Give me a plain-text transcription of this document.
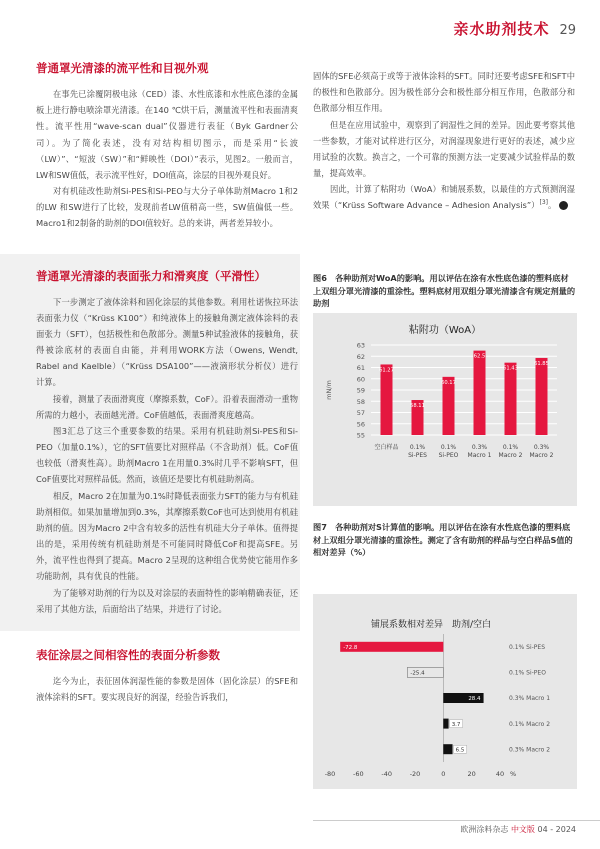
亲水助剂技术 29
普通罩光清漆的流平性和目视外观

在事先已涂覆阴极电泳（CED）漆、水性底漆和水性底色漆的金属板上进行静电喷涂罩光清漆。在140 ℃烘干后，测量流平性和表面清爽性。流平性用“wave-scan dual”仪器进行表征（Byk Gardner公司）。为了简化表述，没有对结构相切图示，而是采用“长波（LW）”、“短波（SW）”和“鲜映性（DOI）”表示，见图2。一般而言，LW和SW值低，表示流平性好，DOI值高，涂层的目视外观良好。

对有机硅改性助剂Si-PES和Si-PEO与大分子单体助剂Macro 1和2的LW 和SW进行了比较，发现前者LW值稍高一些，SW值偏低一些。Macro1和2制备的助剂的DOI值较好。总的来讲，两者差异较小。

普通罩光清漆的表面张力和滑爽度（平滑性）

下一步测定了液体涂料和固化涂层的其他参数。利用杜诺恢拉环法表面张力仪（“Krüss K100”）和纯液体上的接触角测定液体涂料的表面张力（SFT），包括极性和色散部分。测量5种试验液体的接触角，获得被涂底材的表面自由能，并利用WORK方法（Owens, Wendt, Rabel and Kaelble）（“Krüss DSA100”——液滴形状分析仪）进行计算。

接着，测量了表面滑爽度（摩擦系数，CoF）。沿着表面滑动一重物所需的力越小，表面越光滑。CoF值越低，表面滑爽度越高。

图3汇总了这三个重要参数的结果。采用有机硅助剂Si-PES和Si-PEO（加量0.1%），它的SFT值要比对照样品（不含助剂）低。CoF值也较低（滑爽性高）。助剂Macro 1在用量0.3%时几乎不影响SFT，但CoF值要比对照样品低。然而，该值还是要比有机硅助剂高。

相反，Macro 2在加量为0.1%时降低表面张力SFT的能力与有机硅助剂相似。如果加量增加到0.3%，其摩擦系数CoF也可达到使用有机硅助剂的值。因为Macro 2中含有较多的活性有机硅大分子单体。值得提出的是，采用传统有机硅助剂是不可能同时降低CoF和提高SFE。另外，流平性也得到了提高。Macro 2呈现的这种组合优势使它能用作多功能助剂，具有优良的性能。

为了能够对助剂的行为以及对涂层的表面特性的影响精确表征，还采用了其他方法，后面给出了结果，并进行了讨论。

表征涂层之间相容性的表面分析参数

迄今为止，表征固体润湿性能的参数是固体（固化涂层）的SFE和液体涂料的SFT。要实现良好的润湿，经验告诉我们，

固体的SFE必须高于或等于液体涂料的SFT。同时还要考虑SFE和SFT中的极性和色散部分。因为极性部分会和极性部分相互作用，色散部分和色散部分相互作用。

但是在应用试验中，观察到了润湿性之间的差异。因此要考察其他一些参数，才能对试样进行区分，对润湿现象进行更好的表述，减少应用试验的次数。换言之，一个可靠的预测方法一定要减少试验样品的数量，提高效率。

因此，计算了粘附功（WoA）和铺展系数，以最佳的方式预测润湿效果（“Krüss Software Advance – Adhesion Analysis”）[3]。	›

图6　各种助剂对WoA的影响。用以评估在涂有水性底色漆的塑料底材上双组分罩光清漆的重涂性。塑料底材用双组分罩光清漆含有规定剂量的助剂
粘附功（WoA）
55
56
57
58
59
60
61
62
63
mN/m
61.27
空白样品
58.11
0.1%
Si-PES
60.17
0.1%
Si-PEO
62.5
0.3%
Macro 1
61.43
0.1%
Macro 2
61.85
0.3%
Macro 2
图7　各种助剂对S计算值的影响。用以评估在涂有水性底色漆的塑料底材上双组分罩光清漆的重涂性。测定了含有助剂的样品与空白样品S值的相对差异（%）
铺展系数相对差异　助剂/空白
-72.8	0.1% Si-PES
-25.4	0.1% Si-PEO
28.4	0.3% Macro 1
3.7	0.1% Macro 2
6.5	0.3% Macro 2
-80	-60	-40	-20	0	20	40 %
欧洲涂料杂志 中文版 04 - 2024
